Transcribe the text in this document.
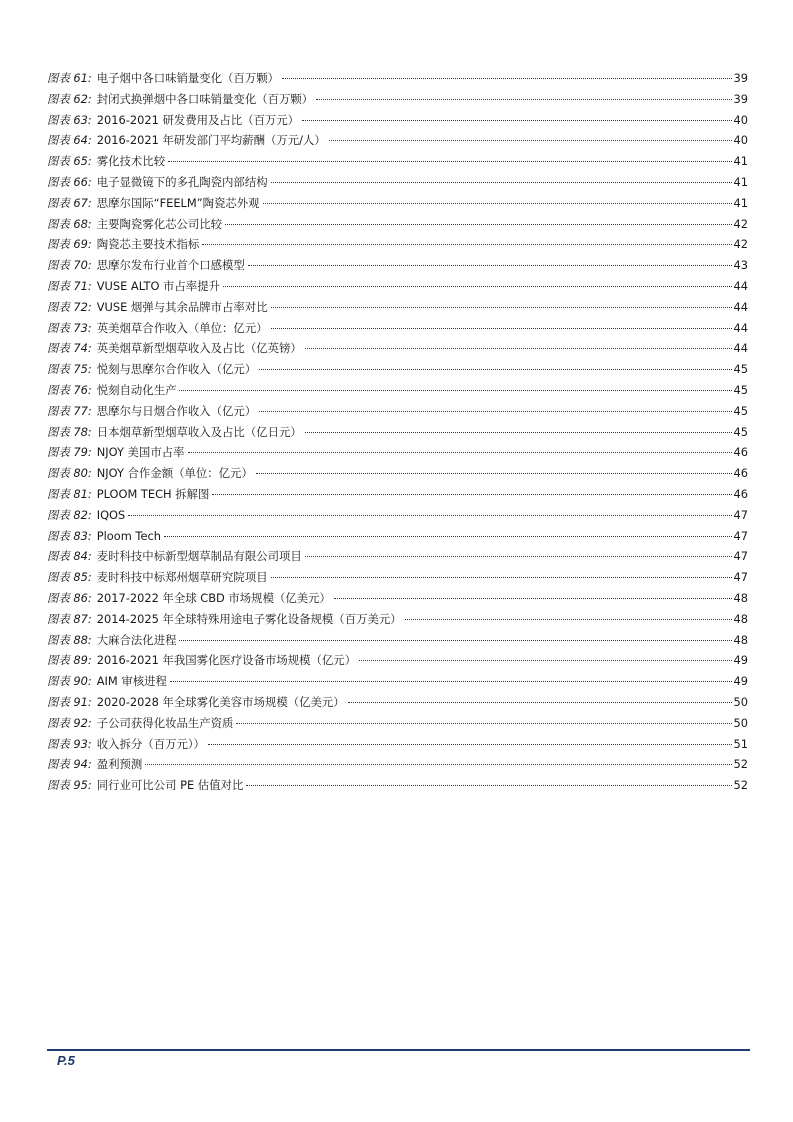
图表 61: 电子烟中各口味销量变化（百万颗）	39
图表 62: 封闭式换弹烟中各口味销量变化（百万颗）	39
图表 63: 2016-2021 研发费用及占比（百万元）	40
图表 64: 2016-2021 年研发部门平均薪酬（万元/人）	40
图表 65: 雾化技术比较	41
图表 66: 电子显微镜下的多孔陶瓷内部结构	41
图表 67: 思摩尔国际“FEELM”陶瓷芯外观	41
图表 68: 主要陶瓷雾化芯公司比较	42
图表 69: 陶瓷芯主要技术指标	42
图表 70: 思摩尔发布行业首个口感模型	43
图表 71: VUSE ALTO 市占率提升	44
图表 72: VUSE 烟弹与其余品牌市占率对比	44
图表 73: 英美烟草合作收入（单位：亿元）	44
图表 74: 英美烟草新型烟草收入及占比（亿英镑）	44
图表 75: 悦刻与思摩尔合作收入（亿元）	45
图表 76: 悦刻自动化生产	45
图表 77: 思摩尔与日烟合作收入（亿元）	45
图表 78: 日本烟草新型烟草收入及占比（亿日元）	45
图表 79: NJOY 美国市占率	46
图表 80: NJOY 合作金额（单位：亿元）	46
图表 81: PLOOM TECH 拆解图	46
图表 82: IQOS	47
图表 83: Ploom Tech	47
图表 84: 麦时科技中标新型烟草制品有限公司项目	47
图表 85: 麦时科技中标郑州烟草研究院项目	47
图表 86: 2017-2022 年全球 CBD 市场规模（亿美元）	48
图表 87: 2014-2025 年全球特殊用途电子雾化设备规模（百万美元）	48
图表 88: 大麻合法化进程	48
图表 89: 2016-2021 年我国雾化医疗设备市场规模（亿元）	49
图表 90: AIM 审核进程	49
图表 91: 2020-2028 年全球雾化美容市场规模（亿美元）	50
图表 92: 子公司获得化妆品生产资质	50
图表 93: 收入拆分（百万元））	51
图表 94: 盈利预测	52
图表 95: 同行业可比公司 PE 估值对比	52
P.5
